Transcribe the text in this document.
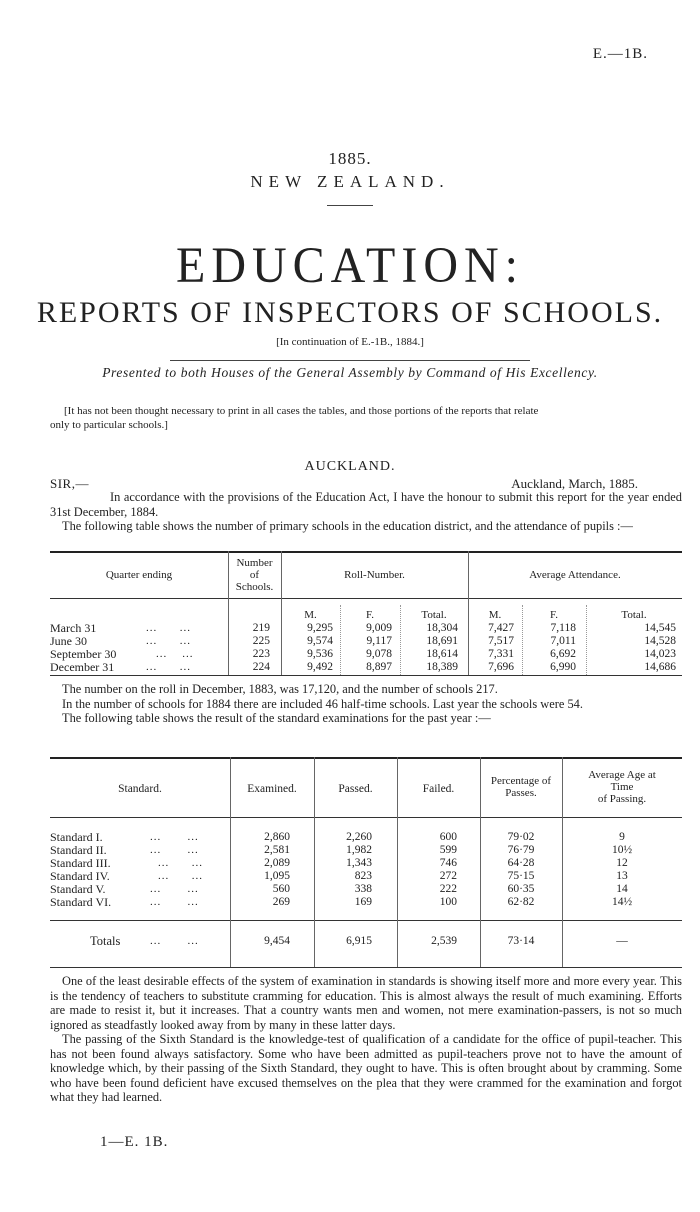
E.—1B.
1885.
NEW ZEALAND.
EDUCATION:
REPORTS OF INSPECTORS OF SCHOOLS.
[In continuation of E.-1B., 1884.]
Presented to both Houses of the General Assembly by Command of His Excellency.
[It has not been thought necessary to print in all cases the tables, and those portions of the reports that relate
only to particular schools.]
AUCKLAND.
SIR,—	Auckland, March, 1885.

In accordance with the provisions of the Education Act, I have the honour to submit this report for the year ended 31st December, 1884.

The following table shows the number of primary schools in the education district, and the attendance of pupils :—

Quarter ending
Number
of
Schools.
Roll-Number.	Average Attendance.
M.	F.	Total.	M.	F.	Total.
March 31	...      ...	219	9,295	9,009	18,304	7,427	7,118	14,545
June 30	...      ...	225	9,574	9,117	18,691	7,517	7,011	14,528
September 30	...    ...	223	9,536	9,078	18,614	7,331	6,692	14,023
December 31	...      ...	224	9,492	8,897	18,389	7,696	6,990	14,686

The number on the roll in December, 1883, was 17,120, and the number of schools 217.

In the number of schools for 1884 there are included 46 half-time schools. Last year the schools were 54.

The following table shows the result of the standard examinations for the past year :—

Standard.	Examined.	Passed.	Failed.
Percentage of
Passes.
Average Age at
Time
of Passing.
Standard I.	...       ...	2,860	2,260	600	79·02	9
Standard II.	...       ...	2,581	1,982	599	76·79	10½
Standard III.	...      ...	2,089	1,343	746	64·28	12
Standard IV.	...      ...	1,095	823	272	75·15	13
Standard V.	...       ...	560	338	222	60·35	14
Standard VI.	...       ...	269	169	100	62·82	14½
Totals	...       ...	9,454	6,915	2,539	73·14	—

One of the least desirable effects of the system of examination in standards is showing itself more and more every year. This is the tendency of teachers to substitute cramming for education. This is almost always the result of much examining. Efforts are made to resist it, but it increases. That a country wants men and women, not mere examination-passers, is not so much ignored as steadfastly looked away from by many in these latter days.

The passing of the Sixth Standard is the knowledge-test of qualification of a candidate for the office of pupil-teacher. This has not been found always satisfactory. Some who have been admitted as pupil-teachers prove not to have the amount of knowledge which, by their passing of the Sixth Standard, they ought to have. This is often brought about by cramming. Some who have been found deficient have excused themselves on the plea that they were crammed for the examination and forgot what they had learned.

1—E. 1B.
